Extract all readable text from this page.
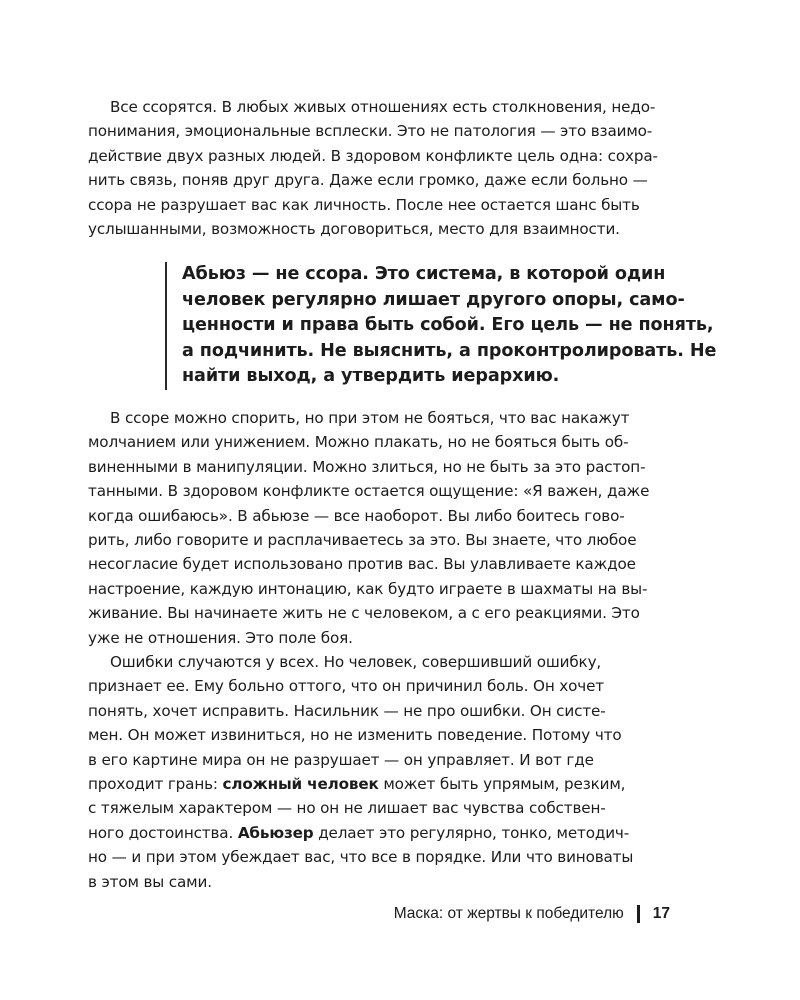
Все ссорятся. В любых живых отношениях есть столкновения, недо-
понимания, эмоциональные всплески. Это не патология — это взаимо-
действие двух разных людей. В здоровом конфликте цель одна: сохра-
нить связь, поняв друг друга. Даже если громко, даже если больно —
ссора не разрушает вас как личность. После нее остается шанс быть
услышанными, возможность договориться, место для взаимности.
Абьюз — не ссора. Это система, в которой один
человек регулярно лишает другого опоры, само-
ценности и права быть собой. Его цель — не понять,
а подчинить. Не выяснить, а проконтролировать. Не
найти выход, а утвердить иерархию.
В ссоре можно спорить, но при этом не бояться, что вас накажут
молчанием или унижением. Можно плакать, но не бояться быть об-
виненными в манипуляции. Можно злиться, но не быть за это растоп-
танными. В здоровом конфликте остается ощущение: «Я важен, даже
когда ошибаюсь». В абьюзе — все наоборот. Вы либо боитесь гово-
рить, либо говорите и расплачиваетесь за это. Вы знаете, что любое
несогласие будет использовано против вас. Вы улавливаете каждое
настроение, каждую интонацию, как будто играете в шахматы на вы-
живание. Вы начинаете жить не с человеком, а с его реакциями. Это
уже не отношения. Это поле боя.
Ошибки случаются у всех. Но человек, совершивший ошибку,
признает ее. Ему больно оттого, что он причинил боль. Он хочет
понять, хочет исправить. Насильник — не про ошибки. Он систе-
мен. Он может извиниться, но не изменить поведение. Потому что
в его картине мира он не разрушает — он управляет. И вот где
проходит грань: сложный человек может быть упрямым, резким,
с тяжелым характером — но он не лишает вас чувства собствен-
ного достоинства. Абьюзер делает это регулярно, тонко, методич-
но — и при этом убеждает вас, что все в порядке. Или что виноваты
в этом вы сами.
Маска: от жертвы к победителю 17
